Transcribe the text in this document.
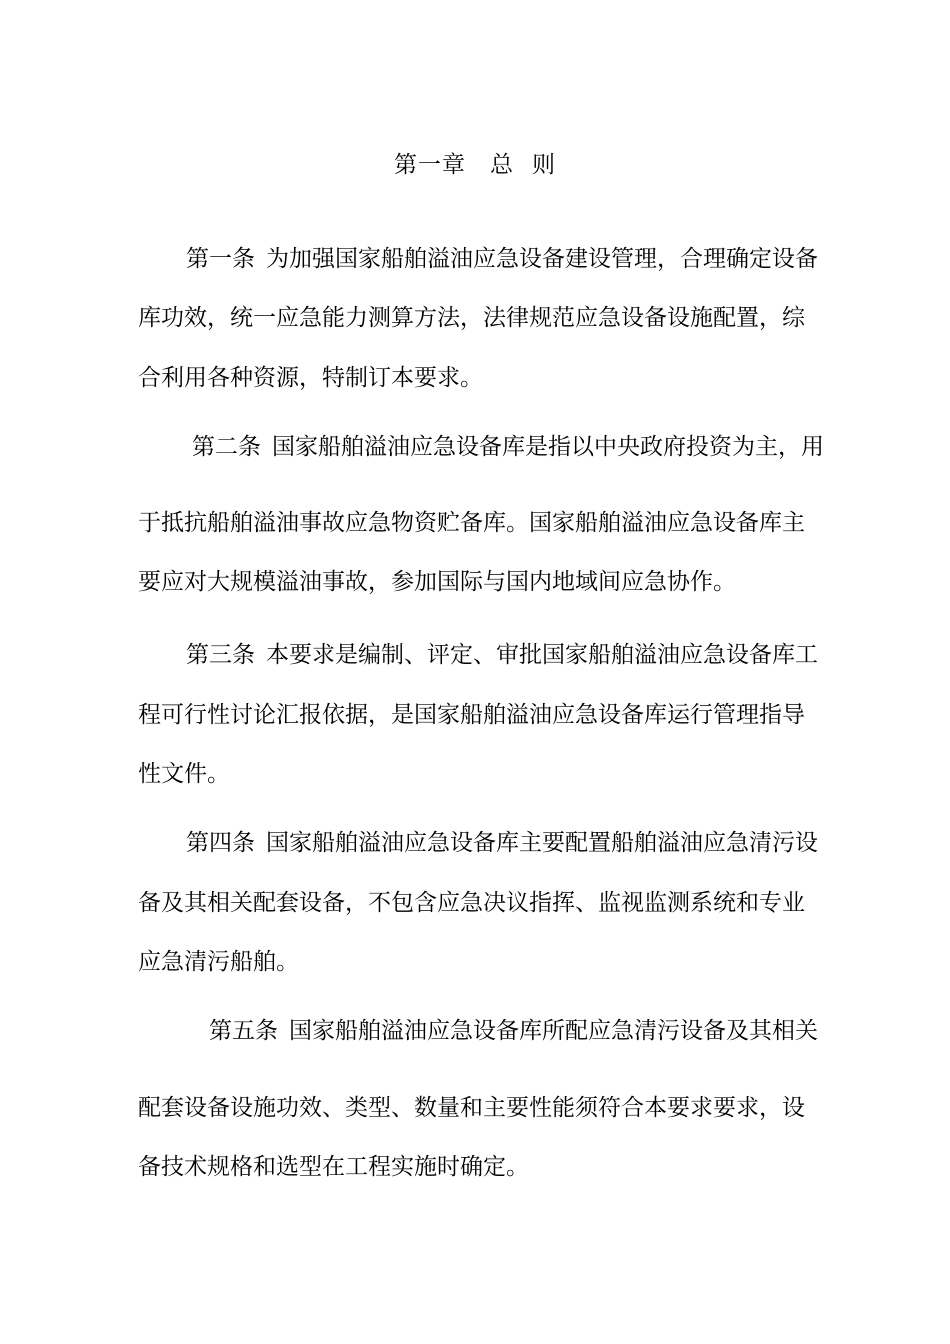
第一章 总 则
第一条 为加强国家船舶溢油应急设备建设管理，合理确定设备
库功效，统一应急能力测算方法，法律规范应急设备设施配置，综
合利用各种资源，特制订本要求。
第二条 国家船舶溢油应急设备库是指以中央政府投资为主，用
于抵抗船舶溢油事故应急物资贮备库。国家船舶溢油应急设备库主
要应对大规模溢油事故，参加国际与国内地域间应急协作。
第三条 本要求是编制、评定、审批国家船舶溢油应急设备库工
程可行性讨论汇报依据，是国家船舶溢油应急设备库运行管理指导
性文件。
第四条 国家船舶溢油应急设备库主要配置船舶溢油应急清污设
备及其相关配套设备，不包含应急决议指挥、监视监测系统和专业
应急清污船舶。
第五条 国家船舶溢油应急设备库所配应急清污设备及其相关
配套设备设施功效、类型、数量和主要性能须符合本要求要求，设
备技术规格和选型在工程实施时确定。
